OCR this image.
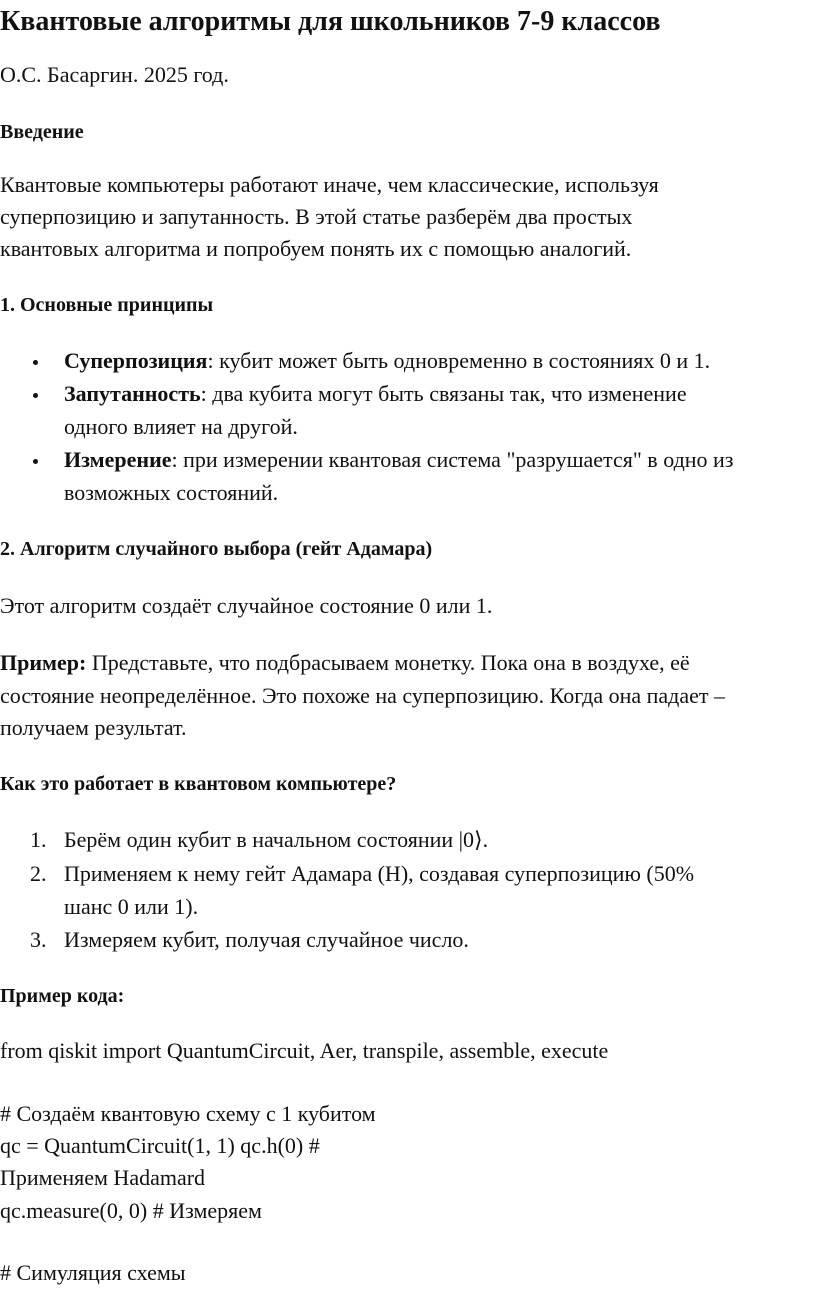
Квантовые алгоритмы для школьников 7-9 классов
О.С. Басаргин. 2025 год.
Введение
Квантовые компьютеры работают иначе, чем классические, используя
суперпозицию и запутанность. В этой статье разберём два простых
квантовых алгоритма и попробуем понять их с помощью аналогий.
1. Основные принципы
Суперпозиция: кубит может быть одновременно в состояниях 0 и 1.
Запутанность: два кубита могут быть связаны так, что изменение
одного влияет на другой.
Измерение: при измерении квантовая система "разрушается" в одно из
возможных состояний.
2. Алгоритм случайного выбора (гейт Адамара)
Этот алгоритм создаёт случайное состояние 0 или 1.
Пример: Представьте, что подбрасываем монетку. Пока она в воздухе, её
состояние неопределённое. Это похоже на суперпозицию. Когда она падает –
получаем результат.
Как это работает в квантовом компьютере?
1. Берём один кубит в начальном состоянии |0⟩.
2. Применяем к нему гейт Адамара (H), создавая суперпозицию (50%
шанс 0 или 1).
3. Измеряем кубит, получая случайное число.
Пример кода:
from qiskit import QuantumCircuit, Aer, transpile, assemble, execute
# Создаём квантовую схему с 1 кубитом
qc = QuantumCircuit(1, 1) qc.h(0) #
Применяем Hadamard
qc.measure(0, 0) # Измеряем
# Симуляция схемы
